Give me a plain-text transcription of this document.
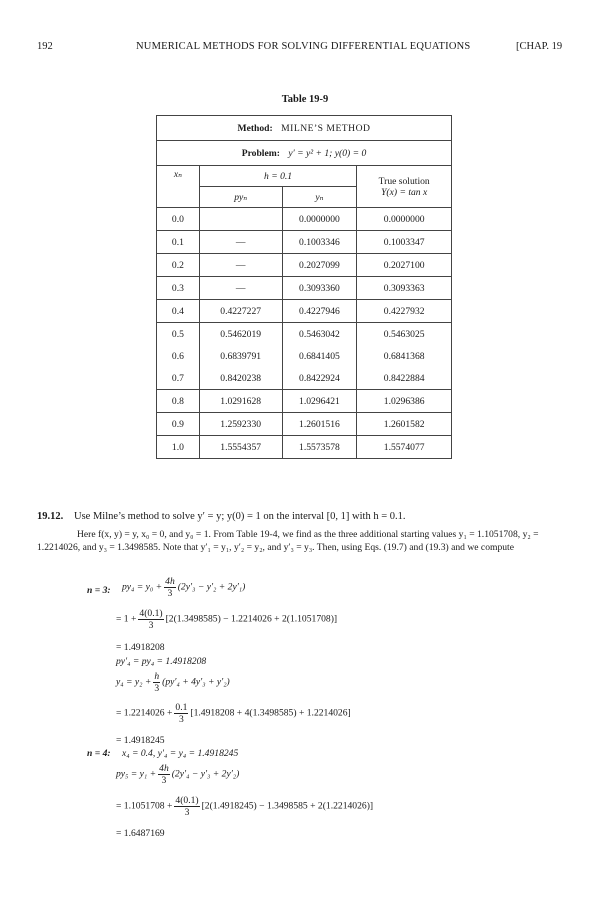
192	NUMERICAL METHODS FOR SOLVING DIFFERENTIAL EQUATIONS	[CHAP. 19
Table 19-9
Method: MILNE’S METHOD			
Problem: y′ = y² + 1; y(0) = 0			
xₙ	h = 0.1		True solution
Y(x) = tan x

	pyₙ	yₙ	
0.0		0.0000000	0.0000000
0.1	—	0.1003346	0.1003347
0.2	—	0.2027099	0.2027100
0.3	—	0.3093360	0.3093363
0.4	0.4227227	0.4227946	0.4227932
0.5	0.5462019	0.5463042	0.5463025
0.6	0.6839791	0.6841405	0.6841368
0.7	0.8420238	0.8422924	0.8422884
0.8	1.0291628	1.0296421	1.0296386
0.9	1.2592330	1.2601516	1.2601582
1.0	1.5554357	1.5573578	1.5574077
19.12. Use Milne’s method to solve y′ = y; y(0) = 1 on the interval [0, 1] with h = 0.1.
Here f(x, y) = y, x₀ = 0, and y₀ = 1. From Table 19-4, we find as the three additional starting values y₁ = 1.1051708, y₂ = 1.2214026, and y₃ = 1.3498585. Note that y′₁ = y₁, y′₂ = y₂, and y′₃ = y₃. Then, using Eqs. (19.7) and (19.3) and we compute
n = 3: $py_4 = y_0 + \frac{4h}{3} (2y'_3 - y'_2 + 2y'_1)$
= $1 + \frac{4(0.1)}{3} [2(1.3498585) - 1.2214026 + 2(1.1051708)]$
= 1.4918208
py′₄ = py₄ = 1.4918208
$y_4 = y_2 + \frac{h}{3} (py'_4 + 4y'_3 + y'_2)$
= $1.2214026 + \frac{0.1}{3} [1.4918208 + 4(1.3498585) + 1.2214026]$
= 1.4918245
n = 4: x₄ = 0.4, y′₄ = y₄ = 1.4918245
$py_5 = y_1 + \frac{4h}{3} (2y'_4 - y'_3 + 2y'_2)$
= $1.1051708 + \frac{4(0.1)}{3} [2(1.4918245) - 1.3498585 + 2(1.2214026)]$
= 1.6487169
